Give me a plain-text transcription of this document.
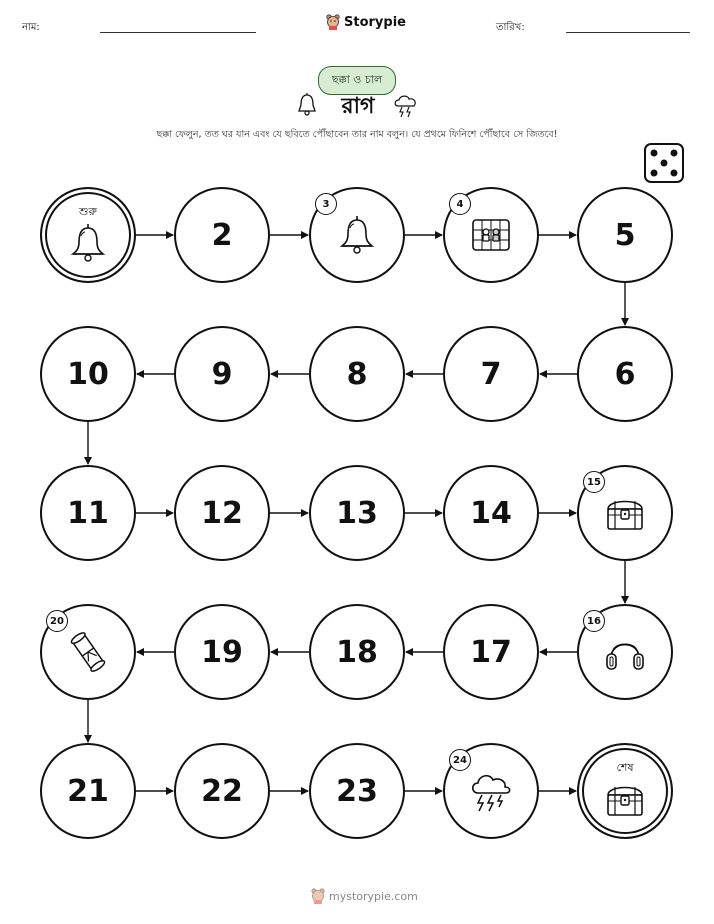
নাম:	Storypie	তারিখ:
ছক্কা ও চাল
রাগ
ছক্কা ফেলুন, তত ঘর যান এবং যে ছবিতে পৌঁছাবেন তার নাম বলুন। যে প্রথমে ফিনিশে পৌঁছাবে সে জিতবে!
শুরু
2
3	4
5
6
7
8
9
10
11	12	13	14
15
16
17
18
19
20
21	22	23
24
শেষ
mystorypie.com
